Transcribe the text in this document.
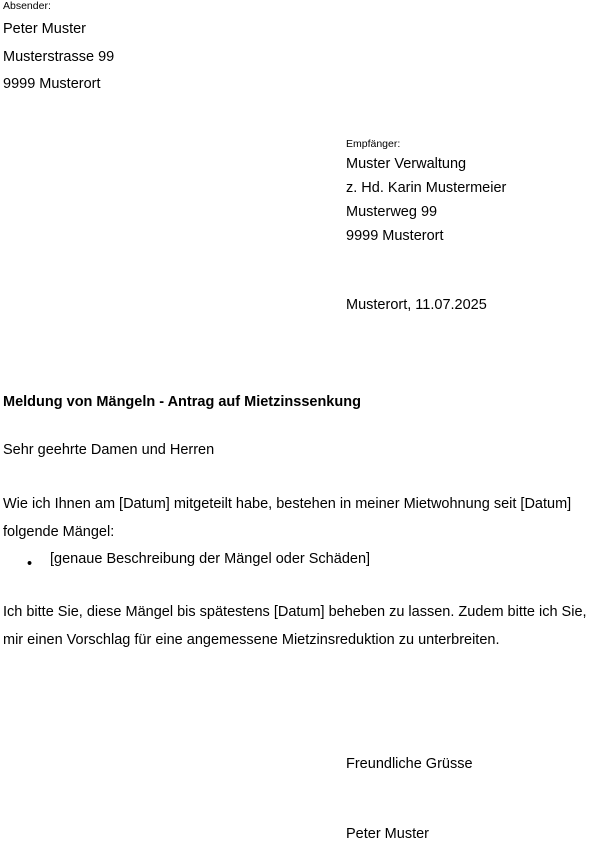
Absender:
Peter Muster
Musterstrasse 99
9999 Musterort
Empfänger:
Muster Verwaltung
z. Hd. Karin Mustermeier
Musterweg 99
9999 Musterort
Musterort, 11.07.2025
Meldung von Mängeln - Antrag auf Mietzinssenkung
Sehr geehrte Damen und Herren
Wie ich Ihnen am [Datum] mitgeteilt habe, bestehen in meiner Mietwohnung seit [Datum]
folgende Mängel:
• [genaue Beschreibung der Mängel oder Schäden]
Ich bitte Sie, diese Mängel bis spätestens [Datum] beheben zu lassen. Zudem bitte ich Sie,
mir einen Vorschlag für eine angemessene Mietzinsreduktion zu unterbreiten.
Freundliche Grüsse
Peter Muster
